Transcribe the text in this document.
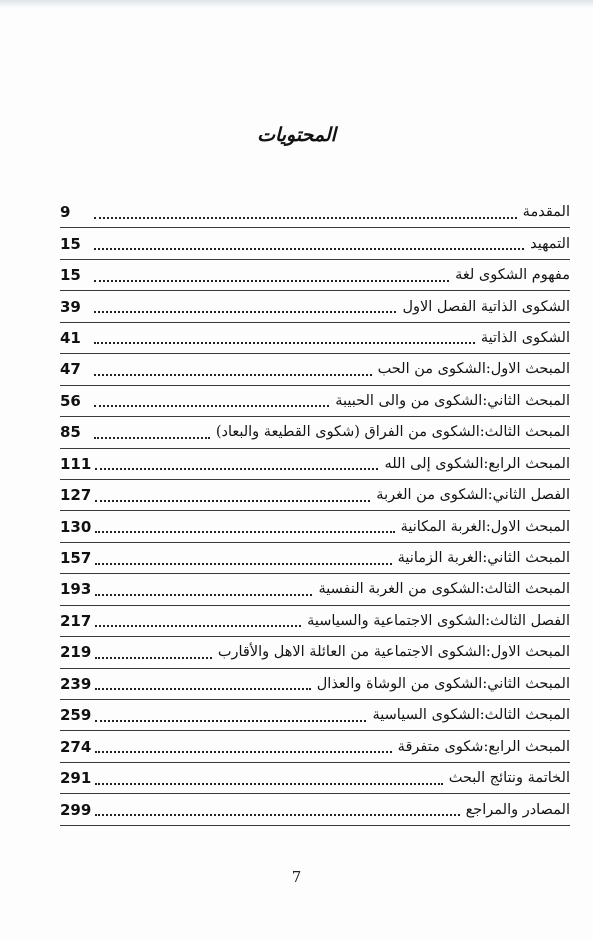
المحتويات
المقدمة
9
التمهيد
15
مفهوم الشكوى لغة
15
الشكوى الذاتية الفصل الاول
39
الشكوى الذاتية
41
المبحث الاول:الشكوى من الحب
47
المبحث الثاني:الشكوى من والى الحبيبة
56
المبحث الثالث:الشكوى من الفراق (شكوى القطيعة والبعاد)
85
المبحث الرابع:الشكوى إلى الله
111
الفصل الثاني:الشكوى من الغربة
127
المبحث الاول:الغربة المكانية
130
المبحث الثاني:الغربة الزمانية
157
المبحث الثالث:الشكوى من الغربة النفسية
193
الفصل الثالث:الشكوى الاجتماعية والسياسية
217
المبحث الاول:الشكوى الاجتماعية من العائلة الاهل والأقارب
219
المبحث الثاني:الشكوى من الوشاة والعذال
239
المبحث الثالث:الشكوى السياسية
259
المبحث الرابع:شكوى متفرقة
274
الخاتمة ونتائج البحث
291
المصادر والمراجع
299
7
